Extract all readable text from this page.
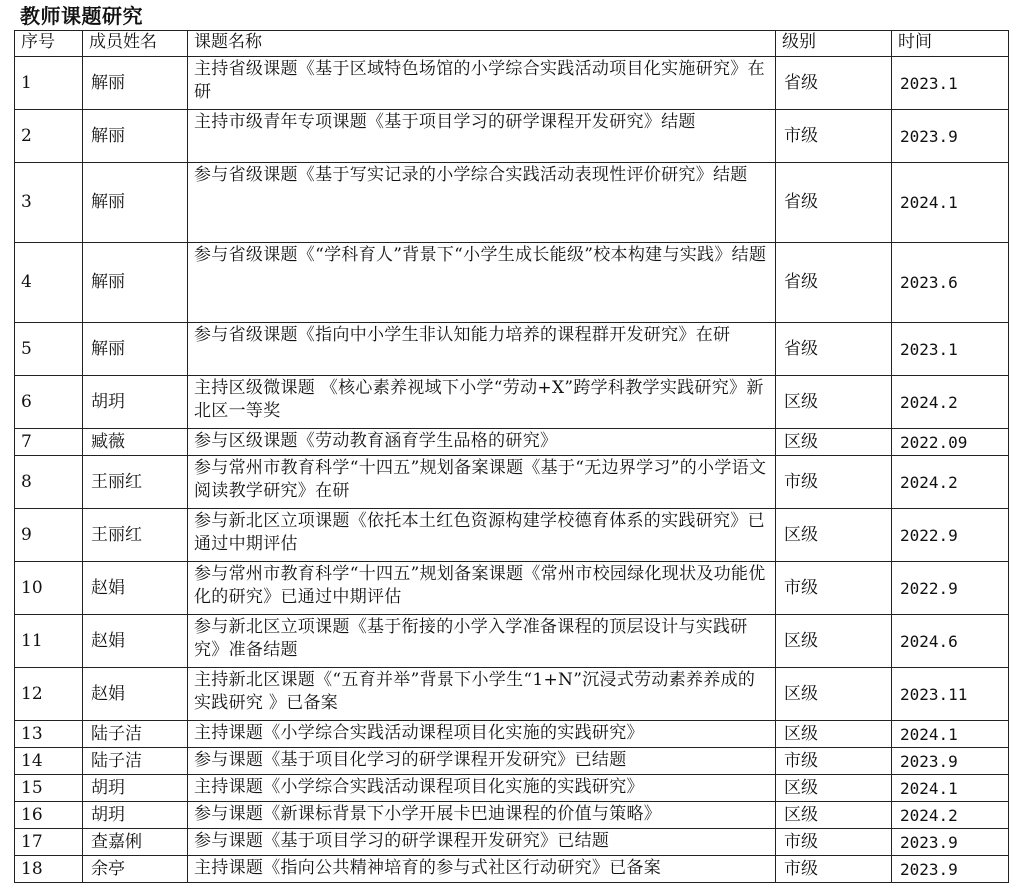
教师课题研究
序号	成员姓名	课题名称	级别	时间
1	解丽	主持省级课题《基于区域特色场馆的小学综合实践活动项目化实施研究》在研	省级	2023.1
2	解丽	主持市级青年专项课题《基于项目学习的研学课程开发研究》结题	市级	2023.9
3	解丽	参与省级课题《基于写实记录的小学综合实践活动表现性评价研究》结题	省级	2024.1
4	解丽	参与省级课题《“学科育人”背景下“小学生成长能级”校本构建与实践》结题	省级	2023.6
5	解丽	参与省级课题《指向中小学生非认知能力培养的课程群开发研究》在研	省级	2023.1
6	胡玥	主持区级微课题 《核心素养视域下小学“劳动+X”跨学科教学实践研究》新北区一等奖	区级	2024.2
7	臧薇	参与区级课题《劳动教育涵育学生品格的研究》	区级	2022.09
8	王丽红	参与常州市教育科学“十四五”规划备案课题《基于“无边界学习”的小学语文阅读教学研究》在研	市级	2024.2
9	王丽红	参与新北区立项课题《依托本土红色资源构建学校德育体系的实践研究》已通过中期评估	区级	2022.9
10	赵娟	参与常州市教育科学“十四五”规划备案课题《常州市校园绿化现状及功能优化的研究》已通过中期评估	市级	2022.9
11	赵娟	参与新北区立项课题《基于衔接的小学入学准备课程的顶层设计与实践研究》准备结题	区级	2024.6
12	赵娟	主持新北区课题《“五育并举”背景下小学生“1+N”沉浸式劳动素养养成的实践研究 》已备案	区级	2023.11
13	陆子洁	主持课题《小学综合实践活动课程项目化实施的实践研究》	区级	2024.1
14	陆子洁	参与课题《基于项目化学习的研学课程开发研究》已结题	市级	2023.9
15	胡玥	主持课题《小学综合实践活动课程项目化实施的实践研究》	区级	2024.1
16	胡玥	参与课题《新课标背景下小学开展卡巴迪课程的价值与策略》	区级	2024.2
17	查嘉俐	参与课题《基于项目学习的研学课程开发研究》已结题	市级	2023.9
18	余亭	主持课题《指向公共精神培育的参与式社区行动研究》已备案	市级	2023.9
